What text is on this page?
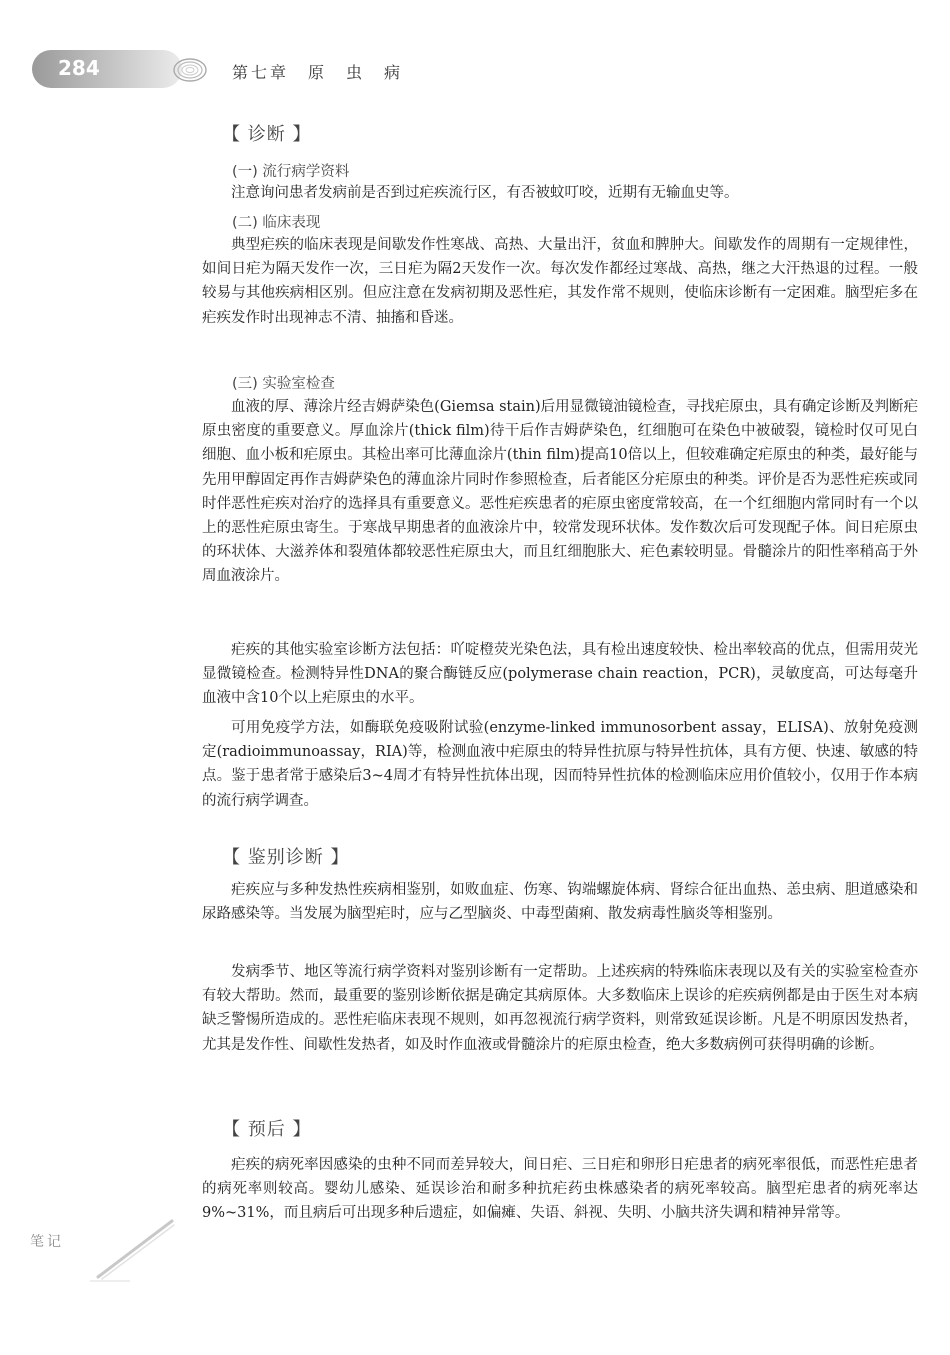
284	第七章　原　虫　病
【 诊断 】
(一) 流行病学资料

注意询问患者发病前是否到过疟疾流行区，有否被蚊叮咬，近期有无输血史等。

(二) 临床表现

典型疟疾的临床表现是间歇发作性寒战、高热、大量出汗，贫血和脾肿大。间歇发作的周期有一定规律性，如间日疟为隔天发作一次，三日疟为隔2天发作一次。每次发作都经过寒战、高热，继之大汗热退的过程。一般较易与其他疾病相区别。但应注意在发病初期及恶性疟，其发作常不规则，使临床诊断有一定困难。脑型疟多在疟疾发作时出现神志不清、抽搐和昏迷。

(三) 实验室检查

血液的厚、薄涂片经吉姆萨染色(Giemsa stain)后用显微镜油镜检查，寻找疟原虫，具有确定诊断及判断疟原虫密度的重要意义。厚血涂片(thick film)待干后作吉姆萨染色，红细胞可在染色中被破裂，镜检时仅可见白细胞、血小板和疟原虫。其检出率可比薄血涂片(thin film)提高10倍以上，但较难确定疟原虫的种类，最好能与先用甲醇固定再作吉姆萨染色的薄血涂片同时作参照检查，后者能区分疟原虫的种类。评价是否为恶性疟疾或同时伴恶性疟疾对治疗的选择具有重要意义。恶性疟疾患者的疟原虫密度常较高，在一个红细胞内常同时有一个以上的恶性疟原虫寄生。于寒战早期患者的血液涂片中，较常发现环状体。发作数次后可发现配子体。间日疟原虫的环状体、大滋养体和裂殖体都较恶性疟原虫大，而且红细胞胀大、疟色素较明显。骨髓涂片的阳性率稍高于外周血液涂片。

疟疾的其他实验室诊断方法包括：吖啶橙荧光染色法，具有检出速度较快、检出率较高的优点，但需用荧光显微镜检查。检测特异性DNA的聚合酶链反应(polymerase chain reaction，PCR)，灵敏度高，可达每毫升血液中含10个以上疟原虫的水平。

可用免疫学方法，如酶联免疫吸附试验(enzyme-linked immunosorbent assay，ELISA)、放射免疫测定(radioimmunoassay，RIA)等，检测血液中疟原虫的特异性抗原与特异性抗体，具有方便、快速、敏感的特点。鉴于患者常于感染后3~4周才有特异性抗体出现，因而特异性抗体的检测临床应用价值较小，仅用于作本病的流行病学调查。

【 鉴别诊断 】

疟疾应与多种发热性疾病相鉴别，如败血症、伤寒、钩端螺旋体病、肾综合征出血热、恙虫病、胆道感染和尿路感染等。当发展为脑型疟时，应与乙型脑炎、中毒型菌痢、散发病毒性脑炎等相鉴别。

发病季节、地区等流行病学资料对鉴别诊断有一定帮助。上述疾病的特殊临床表现以及有关的实验室检查亦有较大帮助。然而，最重要的鉴别诊断依据是确定其病原体。大多数临床上误诊的疟疾病例都是由于医生对本病缺乏警惕所造成的。恶性疟临床表现不规则，如再忽视流行病学资料，则常致延误诊断。凡是不明原因发热者，尤其是发作性、间歇性发热者，如及时作血液或骨髓涂片的疟原虫检查，绝大多数病例可获得明确的诊断。

【 预后 】

疟疾的病死率因感染的虫种不同而差异较大，间日疟、三日疟和卵形日疟患者的病死率很低，而恶性疟患者的病死率则较高。婴幼儿感染、延误诊治和耐多种抗疟药虫株感染者的病死率较高。脑型疟患者的病死率达9%~31%，而且病后可出现多种后遗症，如偏瘫、失语、斜视、失明、小脑共济失调和精神异常等。

笔记
